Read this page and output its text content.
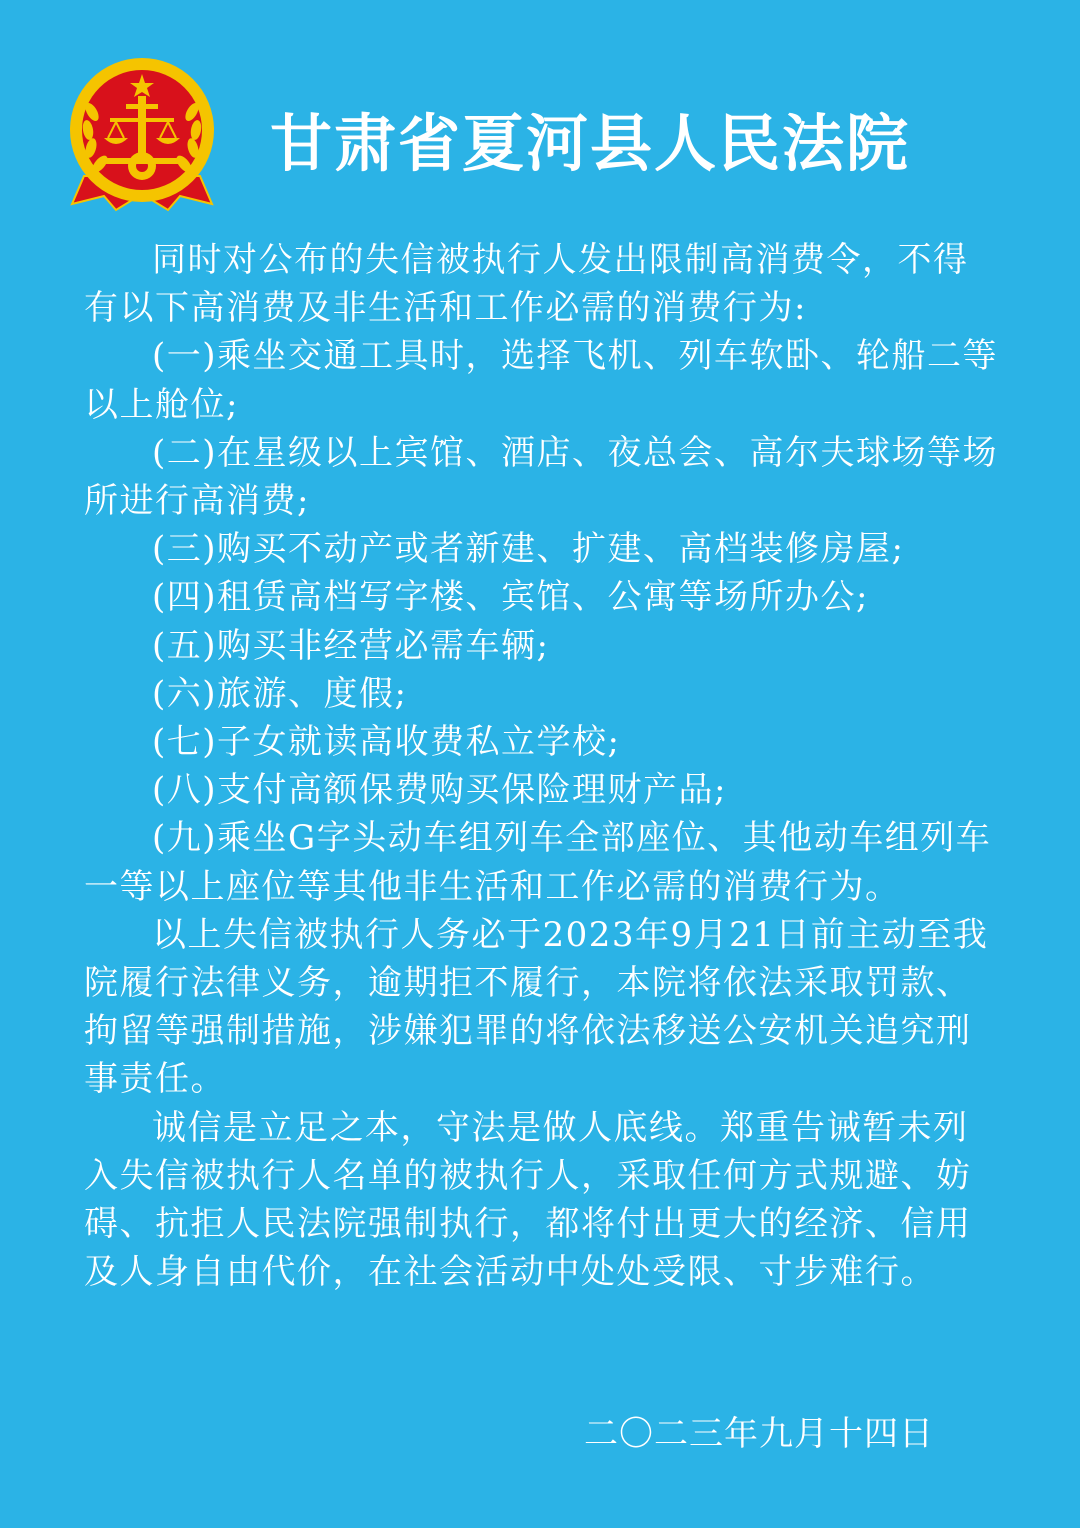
甘肃省夏河县人民法院

同时对公布的失信被执行人发出限制高消费令，不得有以下高消费及非生活和工作必需的消费行为:

(一)乘坐交通工具时，选择飞机、列车软卧、轮船二等以上舱位;

(二)在星级以上宾馆、酒店、夜总会、高尔夫球场等场所进行高消费;

(三)购买不动产或者新建、扩建、高档装修房屋;

(四)租赁高档写字楼、宾馆、公寓等场所办公;

(五)购买非经营必需车辆;

(六)旅游、度假;

(七)子女就读高收费私立学校;

(八)支付高额保费购买保险理财产品;

(九)乘坐G字头动车组列车全部座位、其他动车组列车一等以上座位等其他非生活和工作必需的消费行为。

以上失信被执行人务必于2023年9月21日前主动至我院履行法律义务，逾期拒不履行，本院将依法采取罚款、拘留等强制措施，涉嫌犯罪的将依法移送公安机关追究刑事责任。

诚信是立足之本，守法是做人底线。郑重告诫暂未列入失信被执行人名单的被执行人，采取任何方式规避、妨碍、抗拒人民法院强制执行，都将付出更大的经济、信用及人身自由代价，在社会活动中处处受限、寸步难行。

二〇二三年九月十四日
